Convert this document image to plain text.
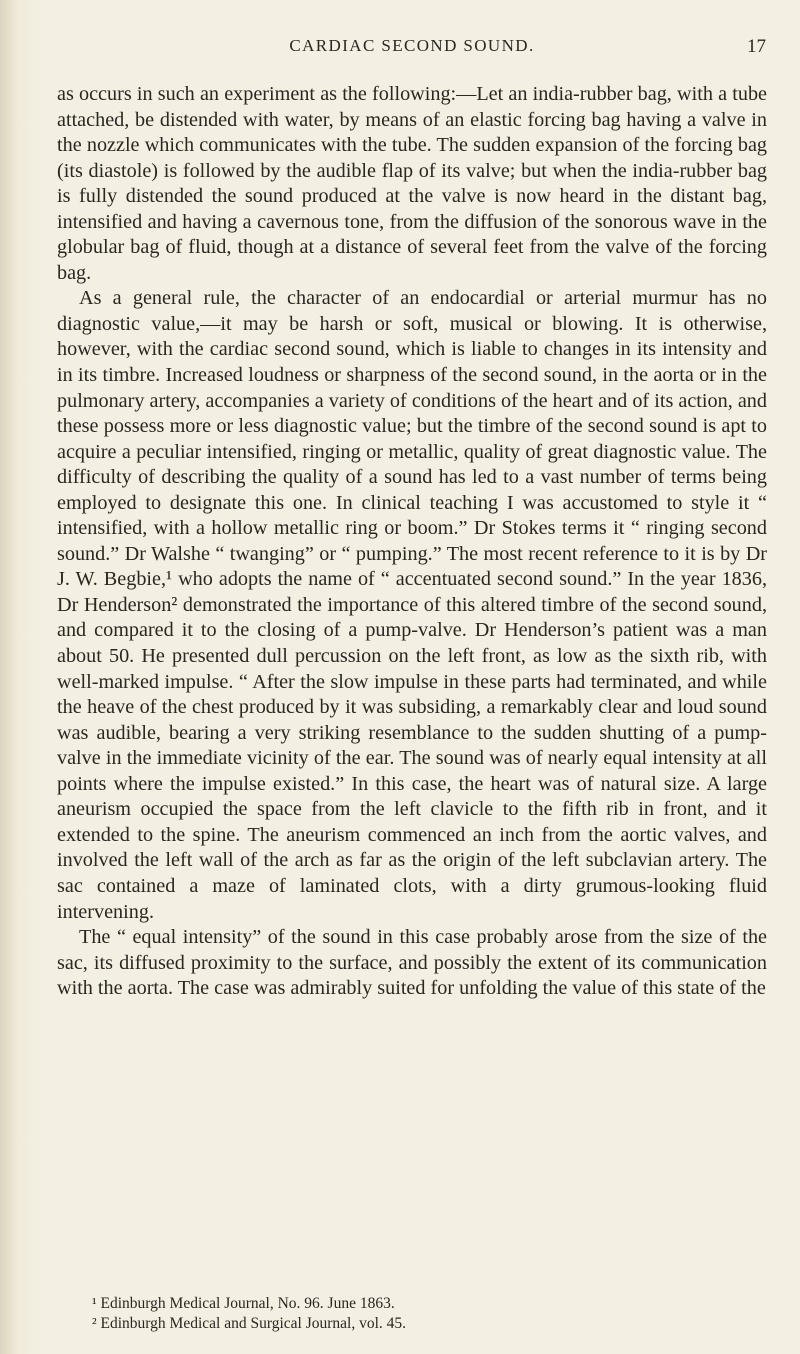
CARDIAC SECOND SOUND.	17

as occurs in such an experiment as the following:—Let an india-rubber bag, with a tube attached, be distended with water, by means of an elastic forcing bag having a valve in the nozzle which communicates with the tube. The sudden expansion of the forcing bag (its diastole) is followed by the audible flap of its valve; but when the india-rubber bag is fully distended the sound produced at the valve is now heard in the distant bag, intensified and having a cavernous tone, from the diffusion of the sonorous wave in the globular bag of fluid, though at a distance of several feet from the valve of the forcing bag.

As a general rule, the character of an endocardial or arterial murmur has no diagnostic value,—it may be harsh or soft, musical or blowing. It is otherwise, however, with the cardiac second sound, which is liable to changes in its intensity and in its timbre. Increased loudness or sharpness of the second sound, in the aorta or in the pulmonary artery, accompanies a variety of conditions of the heart and of its action, and these possess more or less diagnostic value; but the timbre of the second sound is apt to acquire a peculiar intensified, ringing or metallic, quality of great diagnostic value. The difficulty of describing the quality of a sound has led to a vast number of terms being employed to designate this one. In clinical teaching I was accustomed to style it “ intensified, with a hollow metallic ring or boom.” Dr Stokes terms it “ ringing second sound.” Dr Walshe “ twanging” or “ pumping.” The most recent reference to it is by Dr J. W. Begbie,¹ who adopts the name of “ accentuated second sound.” In the year 1836, Dr Henderson² demonstrated the importance of this altered timbre of the second sound, and compared it to the closing of a pump-valve. Dr Henderson’s patient was a man about 50. He presented dull percussion on the left front, as low as the sixth rib, with well-marked impulse. “ After the slow impulse in these parts had terminated, and while the heave of the chest produced by it was subsiding, a remarkably clear and loud sound was audible, bearing a very striking resemblance to the sudden shutting of a pump-valve in the immediate vicinity of the ear. The sound was of nearly equal intensity at all points where the impulse existed.” In this case, the heart was of natural size. A large aneurism occupied the space from the left clavicle to the fifth rib in front, and it extended to the spine. The aneurism commenced an inch from the aortic valves, and involved the left wall of the arch as far as the origin of the left subclavian artery. The sac contained a maze of laminated clots, with a dirty grumous-looking fluid intervening.

The “ equal intensity” of the sound in this case probably arose from the size of the sac, its diffused proximity to the surface, and possibly the extent of its communication with the aorta. The case was admirably suited for unfolding the value of this state of the

¹ Edinburgh Medical Journal, No. 96. June 1863.

² Edinburgh Medical and Surgical Journal, vol. 45.
